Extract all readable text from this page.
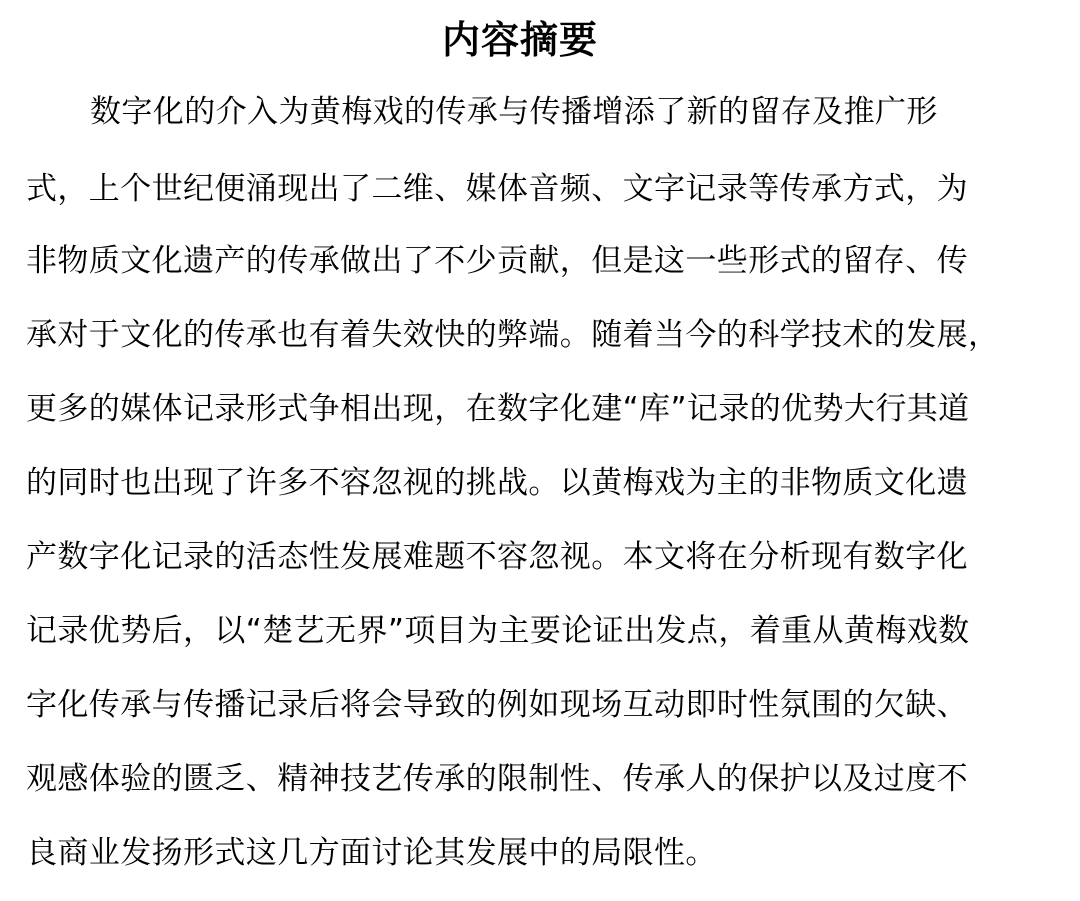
内容摘要
数字化的介入为黄梅戏的传承与传播增添了新的留存及推广形
式，上个世纪便涌现出了二维、媒体音频、文字记录等传承方式，为
非物质文化遗产的传承做出了不少贡献，但是这一些形式的留存、传
承对于文化的传承也有着失效快的弊端。随着当今的科学技术的发展，
更多的媒体记录形式争相出现，在数字化建“库”记录的优势大行其道
的同时也出现了许多不容忽视的挑战。以黄梅戏为主的非物质文化遗
产数字化记录的活态性发展难题不容忽视。本文将在分析现有数字化
记录优势后，以“楚艺无界”项目为主要论证出发点，着重从黄梅戏数
字化传承与传播记录后将会导致的例如现场互动即时性氛围的欠缺、
观感体验的匮乏、精神技艺传承的限制性、传承人的保护以及过度不
良商业发扬形式这几方面讨论其发展中的局限性。
